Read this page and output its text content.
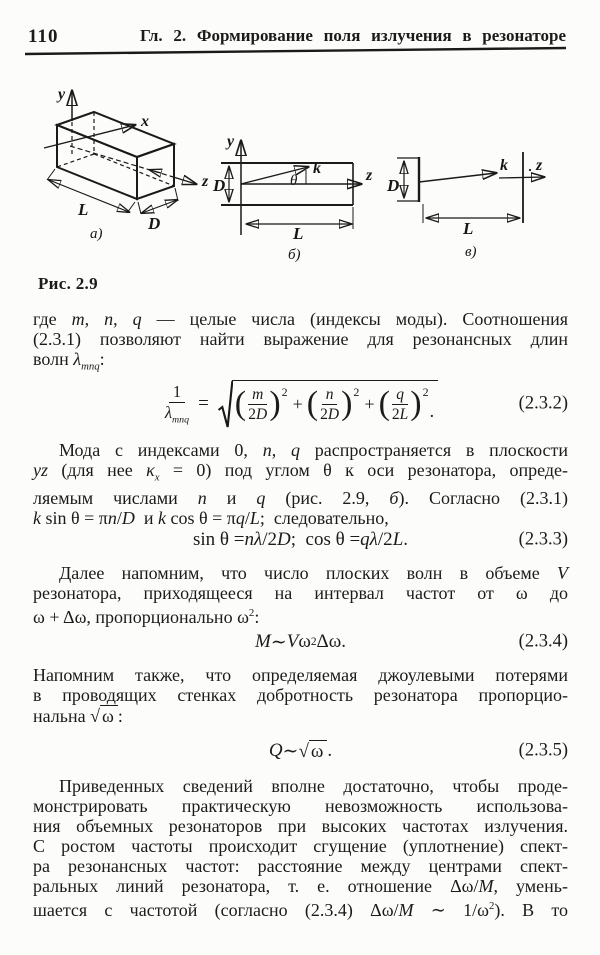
110	Гл. 2. Формирование поля излучения в резонаторе
y
x
z
L
D
а)
y
z
D
k
θ
L
б)
D
k z
L
в)
Рис. 2.9
где m, n, q — целые числа (индексы моды). Соотношения
(2.3.1) позволяют найти выражение для резонансных длин
волн $\lambda_{mnq}$:
$\frac{1}{\lambda_{mnq}}$ = ( $\frac{m}{2D}$ ) 2
+ ( $\frac{n}{2D}$ ) 2
+ ( $\frac{q}{2L}$ ) 2
.	(2.3.2)
Мода с индексами 0, n, q распространяется в плоскости
yz (для нее $\kappa_x = 0$) под углом θ к оси резонатора, опреде-
ляемым числами n и q (рис. 2.9, б). Согласно (2.3.1)
k sin θ = πn/D  и k cos θ = πq/L;  следовательно,
sin θ = nλ /2 D ;  cos θ = qλ /2 L .	(2.3.3)
Далее напомним, что число плоских волн в объеме V
резонатора, приходящееся на интервал частот от ω до
ω + Δω, пропорционально $\omega^2$:
M ∼ V ω 2 Δω.	(2.3.4)
Напомним также, что определяемая джоулевыми потерями
в проводящих стенках добротность резонатора пропорцио-
нальна √ ω :
Q ∼ √ ω .	(2.3.5)
Приведенных сведений вполне достаточно, чтобы проде-
монстрировать практическую невозможность использова-
ния объемных резонаторов при высоких частотах излучения.
С ростом частоты происходит сгущение (уплотнение) спект-
ра резонансных частот: расстояние между центрами спект-
ральных линий резонатора, т. е. отношение Δω/M, умень-
шается с частотой (согласно (2.3.4) Δω/M ∼ $1/\omega^2$). В то
